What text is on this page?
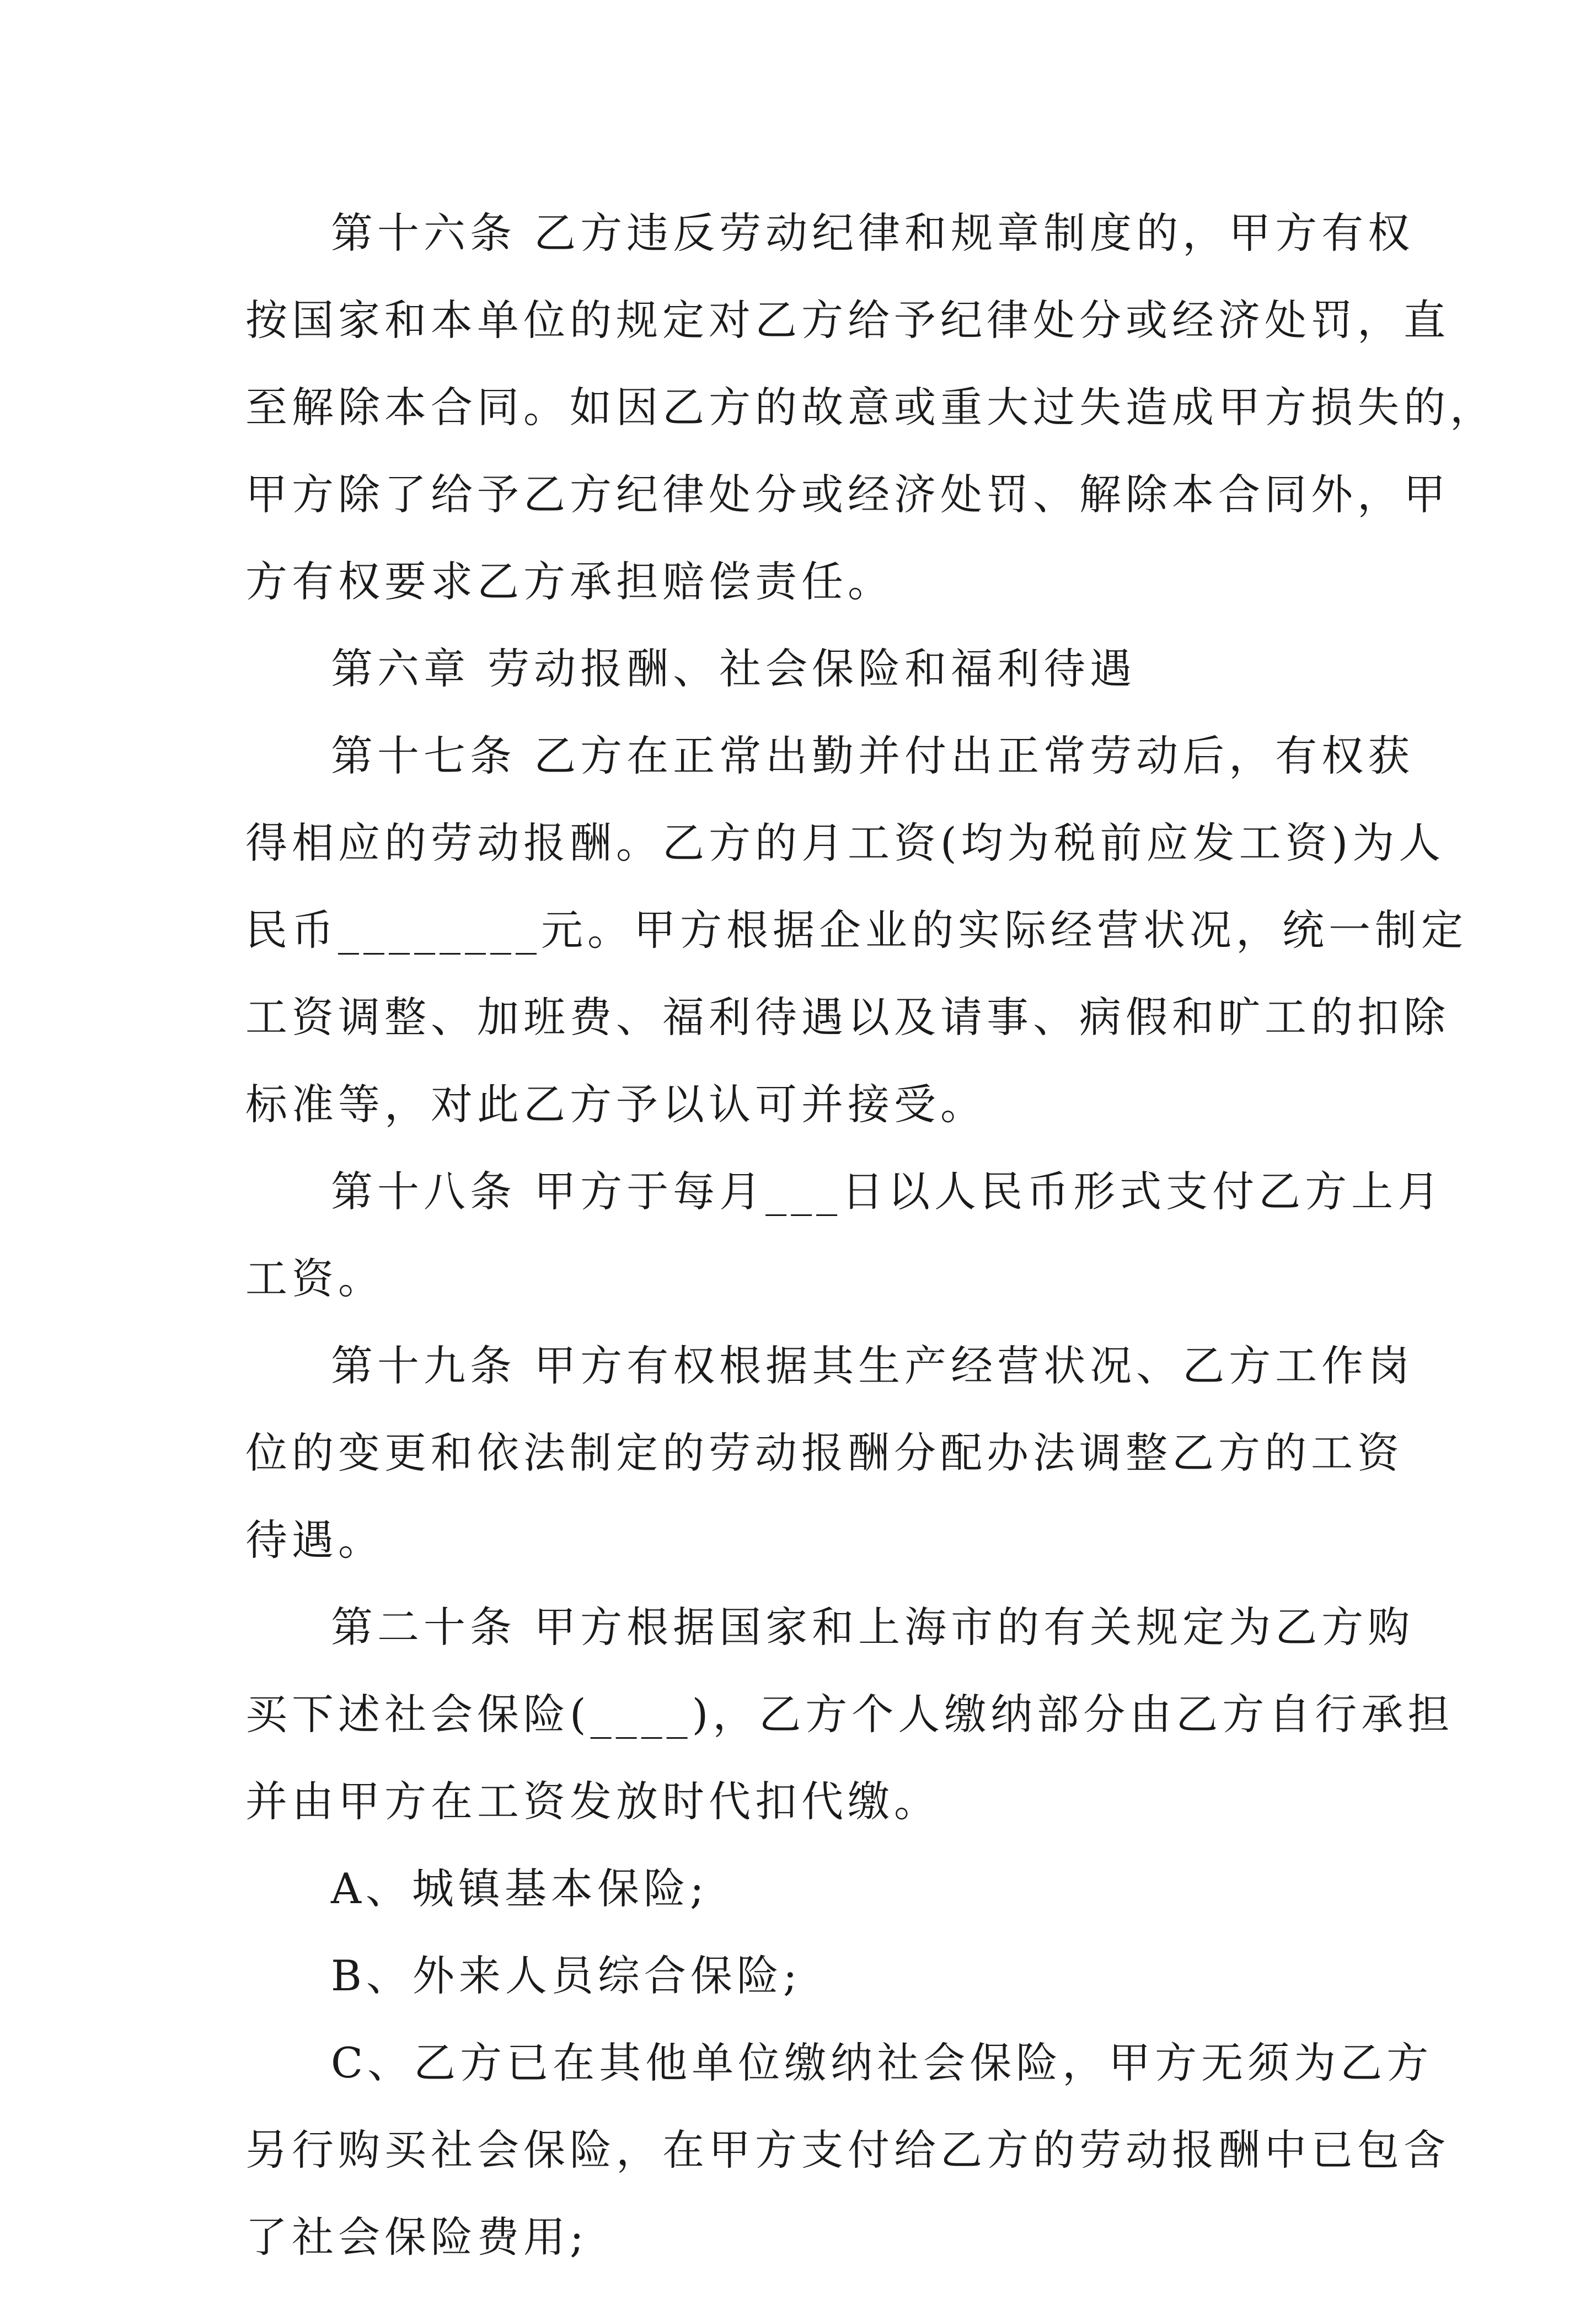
第十六条 乙方违反劳动纪律和规章制度的，甲方有权
按国家和本单位的规定对乙方给予纪律处分或经济处罚，直
至解除本合同。如因乙方的故意或重大过失造成甲方损失的，
甲方除了给予乙方纪律处分或经济处罚、解除本合同外，甲
方有权要求乙方承担赔偿责任。
第六章 劳动报酬、社会保险和福利待遇
第十七条 乙方在正常出勤并付出正常劳动后，有权获
得相应的劳动报酬。乙方的月工资(均为税前应发工资)为人
民币________元。甲方根据企业的实际经营状况，统一制定
工资调整、加班费、福利待遇以及请事、病假和旷工的扣除
标准等，对此乙方予以认可并接受。
第十八条 甲方于每月___日以人民币形式支付乙方上月
工资。
第十九条 甲方有权根据其生产经营状况、乙方工作岗
位的变更和依法制定的劳动报酬分配办法调整乙方的工资
待遇。
第二十条 甲方根据国家和上海市的有关规定为乙方购
买下述社会保险(____)，乙方个人缴纳部分由乙方自行承担
并由甲方在工资发放时代扣代缴。
A、城镇基本保险;
B、外来人员综合保险;
C、乙方已在其他单位缴纳社会保险，甲方无须为乙方
另行购买社会保险，在甲方支付给乙方的劳动报酬中已包含
了社会保险费用;
